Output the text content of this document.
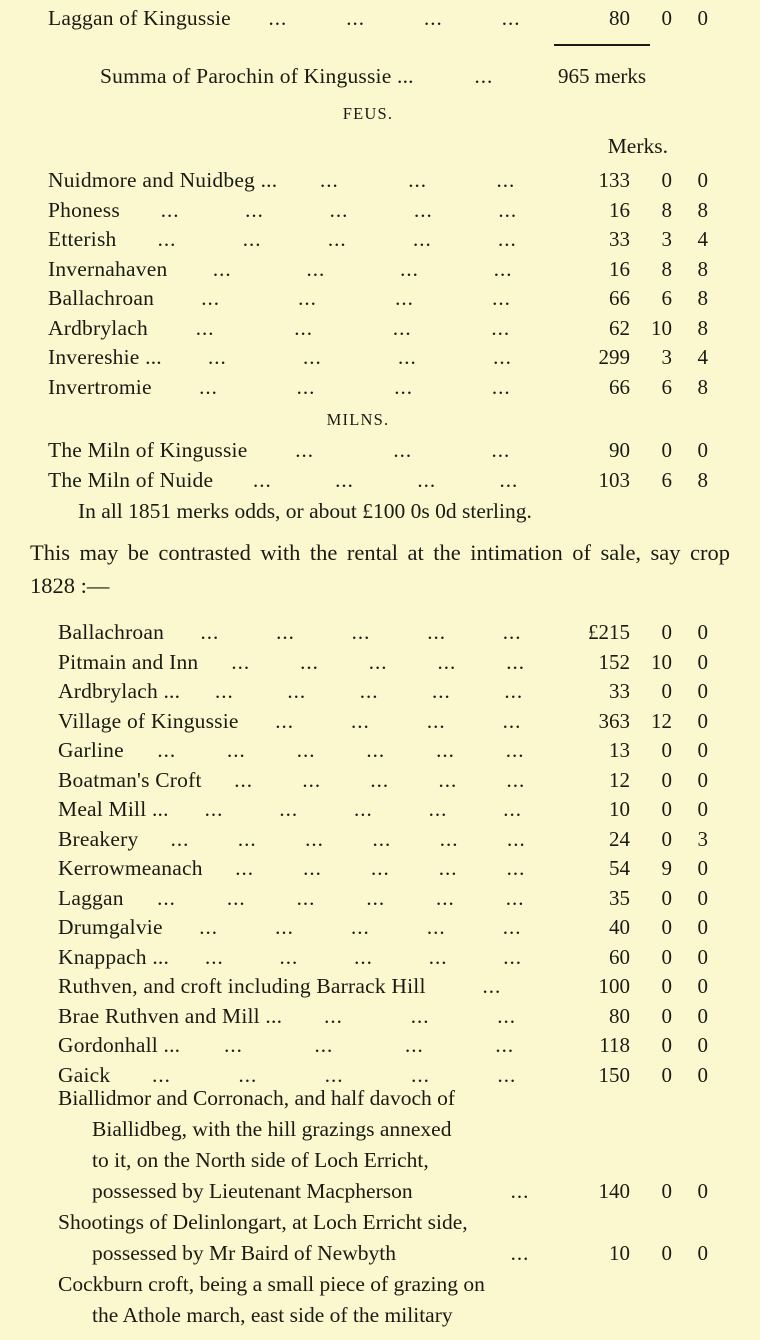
Laggan of Kingussie ...	...	...	...	80	0	0
Summa of Parochin of Kingussie ...	...	965 merks
FEUS.
Merks.
Nuidmore and Nuidbeg ... ...	...	...	133	0	0
Phoness ...	...	...	...	...	16	8	8
Etterish ...	...	...	...	...	33	3	4
Invernahaven ...	...	...	...	16	8	8
Ballachroan ...	...	...	...	66	6	8
Ardbrylach ...	...	...	...	62	10	8
Invereshie ... ...	...	...	...	299	3	4
Invertromie ...	...	...	...	66	6	8
MILNS.
The Miln of Kingussie ...	...	...	90	0	0
The Miln of Nuide ...	...	...	...	103	6	8
In all 1851 merks odds, or about £100 0s 0d sterling.
This may be contrasted with the rental at the intimation of sale, say crop 1828 :—
Ballachroan ...	...	...	...	...	£215	0	0
Pitmain and Inn ... ... ... ... ...	152	10	0
Ardbrylach ... ...	...	...	...	...	33	0	0
Village of Kingussie ...	...	...	...	363	12	0
Garline ... ... ... ... ... ...	13	0	0
Boatman's Croft ... ... ... ... ...	12	0	0
Meal Mill ... ...	...	...	...	...	10	0	0
Breakery ... ... ... ... ... ...	24	0	3
Kerrowmeanach ... ... ... ... ...	54	9	0
Laggan ... ... ... ... ... ...	35	0	0
Drumgalvie ...	...	...	...	...	40	0	0
Knappach ... ...	...	...	...	...	60	0	0
Ruthven, and croft including Barrack Hill	...	100	0	0
Brae Ruthven and Mill ... ...	...	...	80	0	0
Gordonhall ... ...	...	...	...	118	0	0
Gaick ...	...	...	...	...	150	0	0
Biallidmor and Corronach, and half davoch of
Biallidbeg, with the hill grazings annexed
to it, on the North side of Loch Erricht,
possessed by Lieutenant Macpherson	...	140	0	0
Shootings of Delinlongart, at Loch Erricht side,
possessed by Mr Baird of Newbyth	...	10	0	0
Cockburn croft, being a small piece of grazing on
the Athole march, east side of the military
